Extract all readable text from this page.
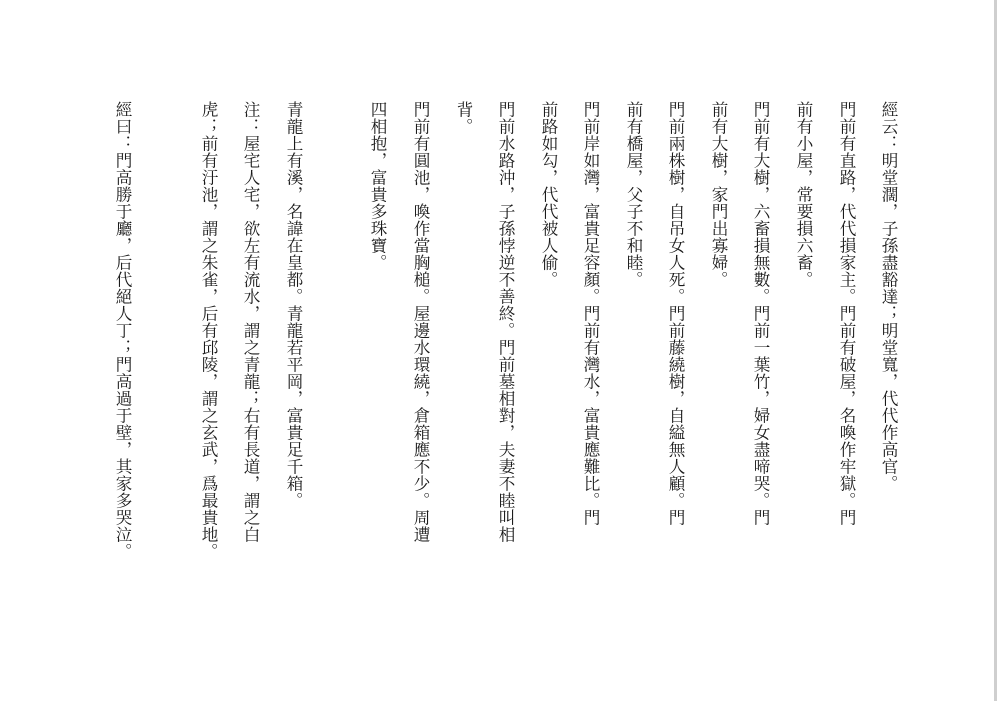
經云：明堂濶，子孫盡豁達；明堂寬，代代作高官。
門前有直路，代代損家主。門前有破屋，名喚作牢獄。門
前有小屋，常要損六畜。
門前有大樹，六畜損無數。門前一葉竹，婦女盡啼哭。門
前有大樹，家門出寡婦。
門前兩株樹，自吊女人死。門前藤繞樹，自縊無人顧。門
前有橋屋，父子不和睦。
門前岸如灣，富貴足容顏。門前有灣水，富貴應難比。門
前路如勾，代代被人偷。
門前水路沖，子孫悖逆不善終。門前墓相對，夫妻不睦叫相
背。
門前有圓池，喚作當胸槌。屋邊水環繞，倉箱應不少。周遭
四相抱，富貴多珠寶。
青龍上有溪，名諱在皇都。青龍若平岡，富貴足千箱。
注：屋宅人宅，欲左有流水，謂之青龍；右有長道，謂之白
虎；前有汙池，謂之朱雀，后有邱陵，謂之玄武，爲最貴地。
經曰：門高勝于廳，后代絕人丁；門高過于壁，其家多哭泣。
